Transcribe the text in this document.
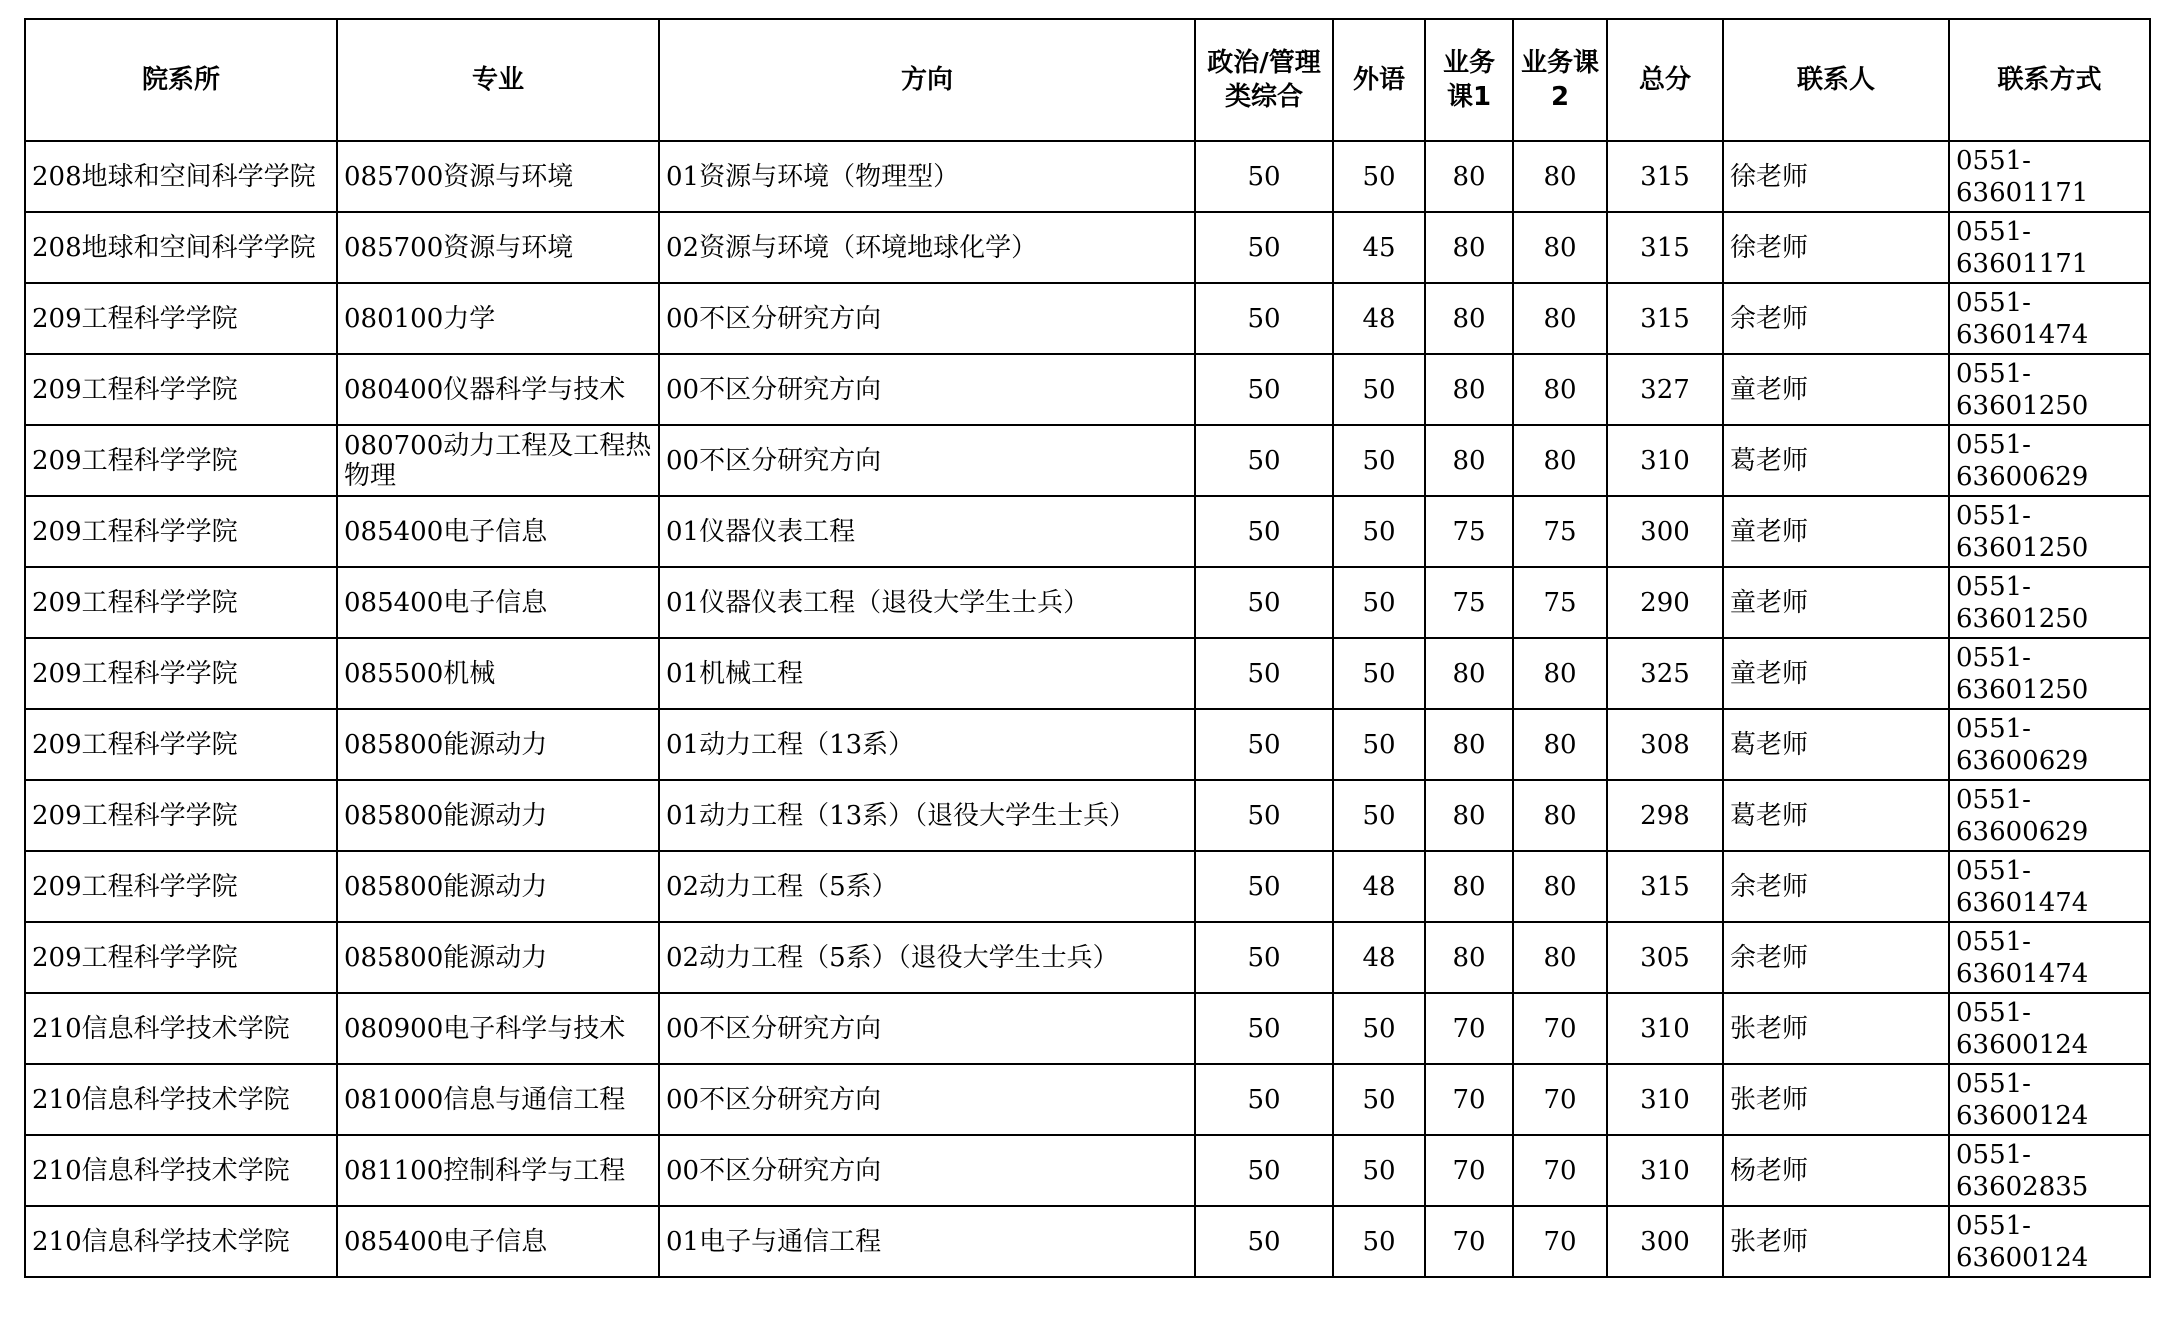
院系所	专业	方向	政治/管理类综合	外语	业务课1	业务课2	总分	联系人	联系方式
208地球和空间科学学院	085700资源与环境	01资源与环境（物理型）	50	50	80	80	315	徐老师	0551-63601171
208地球和空间科学学院	085700资源与环境	02资源与环境（环境地球化学）	50	45	80	80	315	徐老师	0551-63601171
209工程科学学院	080100力学	00不区分研究方向	50	48	80	80	315	余老师	0551-63601474
209工程科学学院	080400仪器科学与技术	00不区分研究方向	50	50	80	80	327	童老师	0551-63601250
209工程科学学院	080700动力工程及工程热物理	00不区分研究方向	50	50	80	80	310	葛老师	0551-63600629
209工程科学学院	085400电子信息	01仪器仪表工程	50	50	75	75	300	童老师	0551-63601250
209工程科学学院	085400电子信息	01仪器仪表工程（退役大学生士兵）	50	50	75	75	290	童老师	0551-63601250
209工程科学学院	085500机械	01机械工程	50	50	80	80	325	童老师	0551-63601250
209工程科学学院	085800能源动力	01动力工程（13系）	50	50	80	80	308	葛老师	0551-63600629
209工程科学学院	085800能源动力	01动力工程（13系）（退役大学生士兵）	50	50	80	80	298	葛老师	0551-63600629
209工程科学学院	085800能源动力	02动力工程（5系）	50	48	80	80	315	余老师	0551-63601474
209工程科学学院	085800能源动力	02动力工程（5系）（退役大学生士兵）	50	48	80	80	305	余老师	0551-63601474
210信息科学技术学院	080900电子科学与技术	00不区分研究方向	50	50	70	70	310	张老师	0551-63600124
210信息科学技术学院	081000信息与通信工程	00不区分研究方向	50	50	70	70	310	张老师	0551-63600124
210信息科学技术学院	081100控制科学与工程	00不区分研究方向	50	50	70	70	310	杨老师	0551-63602835
210信息科学技术学院	085400电子信息	01电子与通信工程	50	50	70	70	300	张老师	0551-63600124
